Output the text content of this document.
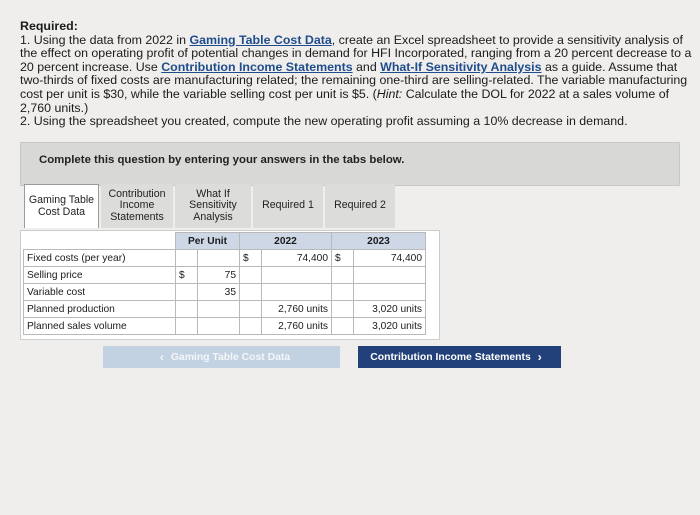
Required:

1. Using the data from 2022 in Gaming Table Cost Data, create an Excel spreadsheet to provide a sensitivity analysis of the effect on operating profit of potential changes in demand for HFI Incorporated, ranging from a 20 percent decrease to a 20 percent increase. Use Contribution Income Statements and What-If Sensitivity Analysis as a guide. Assume that two-thirds of fixed costs are manufacturing related; the remaining one-third are selling-related. The variable manufacturing cost per unit is $30, while the variable selling cost per unit is $5. (Hint: Calculate the DOL for 2022 at a sales volume of 2,760 units.)

2. Using the spreadsheet you created, compute the new operating profit assuming a 10% decrease in demand.

Complete this question by entering your answers in the tabs below.
Gaming Table Cost Data
Contribution Income Statements
What If Sensitivity Analysis
Required 1	Required 2
	Per Unit		2022		2023	
Fixed costs (per year)			$	74,400	$	74,400
Selling price	$	75				
Variable cost		35				
Planned production				2,760 units		3,020 units
Planned sales volume				2,760 units		3,020 units
‹ Gaming Table Cost Data	Contribution Income Statements ›
